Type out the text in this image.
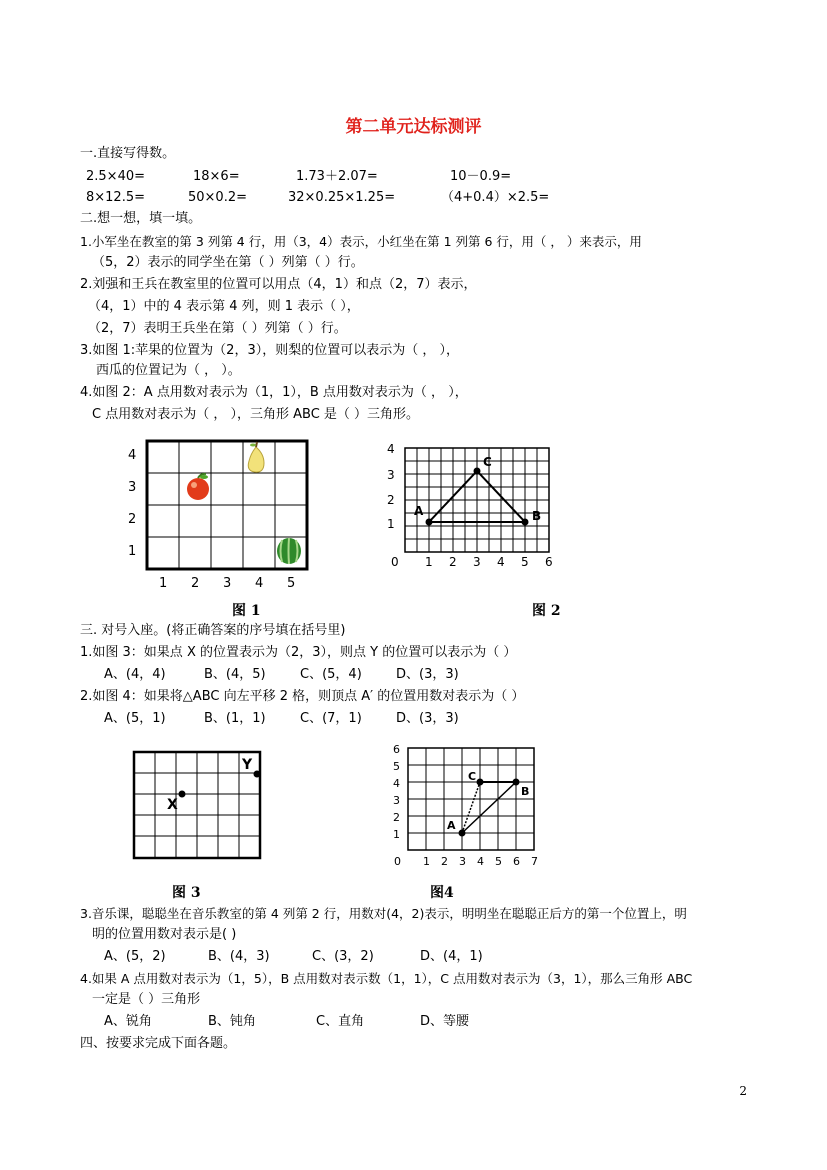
第二单元达标测评
一.直接写得数。
2.5×40=	18×6=	1.73＋2.07=	10－0.9=
8×12.5=	50×0.2=	32×0.25×1.25=	（4+0.4）×2.5=
二.想一想，填一填。
1.小军坐在教室的第 3 列第 4 行，用（3，4）表示，小红坐在第 1 列第 6 行，用（ ， ）来表示，用
（5，2）表示的同学坐在第（ ）列第（ ）行。
2.刘强和王兵在教室里的位置可以用点（4，1）和点（2，7）表示，
（4，1）中的 4 表示第 4 列，则 1 表示（ ），
（2，7）表明王兵坐在第（ ）列第（ ）行。
3.如图 1:苹果的位置为（2，3），则梨的位置可以表示为（ ， ），
西瓜的位置记为（ ， ）。
4.如图 2：A 点用数对表示为（1，1），B 点用数对表示为（ ， ），
C 点用数对表示为（ ， ），三角形 ABC 是（ ）三角形。
4
3
2
1
1 2 3 4 5
图 1
A
C
B
4
3
2
1
0 1 2 3 4 5 6
图 2
三. 对号入座。(将正确答案的序号填在括号里)
1.如图 3：如果点 X 的位置表示为（2，3），则点 Y 的位置可以表示为（ ）
A、(4，4)	B、(4，5)	C、(5，4)	D、(3，3)
2.如图 4：如果将△ABC 向左平移 2 格，则顶点 A′ 的位置用数对表示为（ ）
A、(5，1)	B、(1，1)	C、(7，1)	D、(3，3)
X
Y
图 3
A
C
B
6
5
4
3
2
1
0 1 2 3 4 5 6 7
图4
3.音乐课，聪聪坐在音乐教室的第 4 列第 2 行，用数对(4，2)表示，明明坐在聪聪正后方的第一个位置上，明
明的位置用数对表示是( )
A、(5，2)	B、(4，3)	C、(3，2)	D、(4，1)
4.如果 A 点用数对表示为（1，5），B 点用数对表示数（1，1），C 点用数对表示为（3，1），那么三角形 ABC
一定是（ ）三角形
A、锐角	B、钝角	C、直角	D、等腰
四、按要求完成下面各题。
2
